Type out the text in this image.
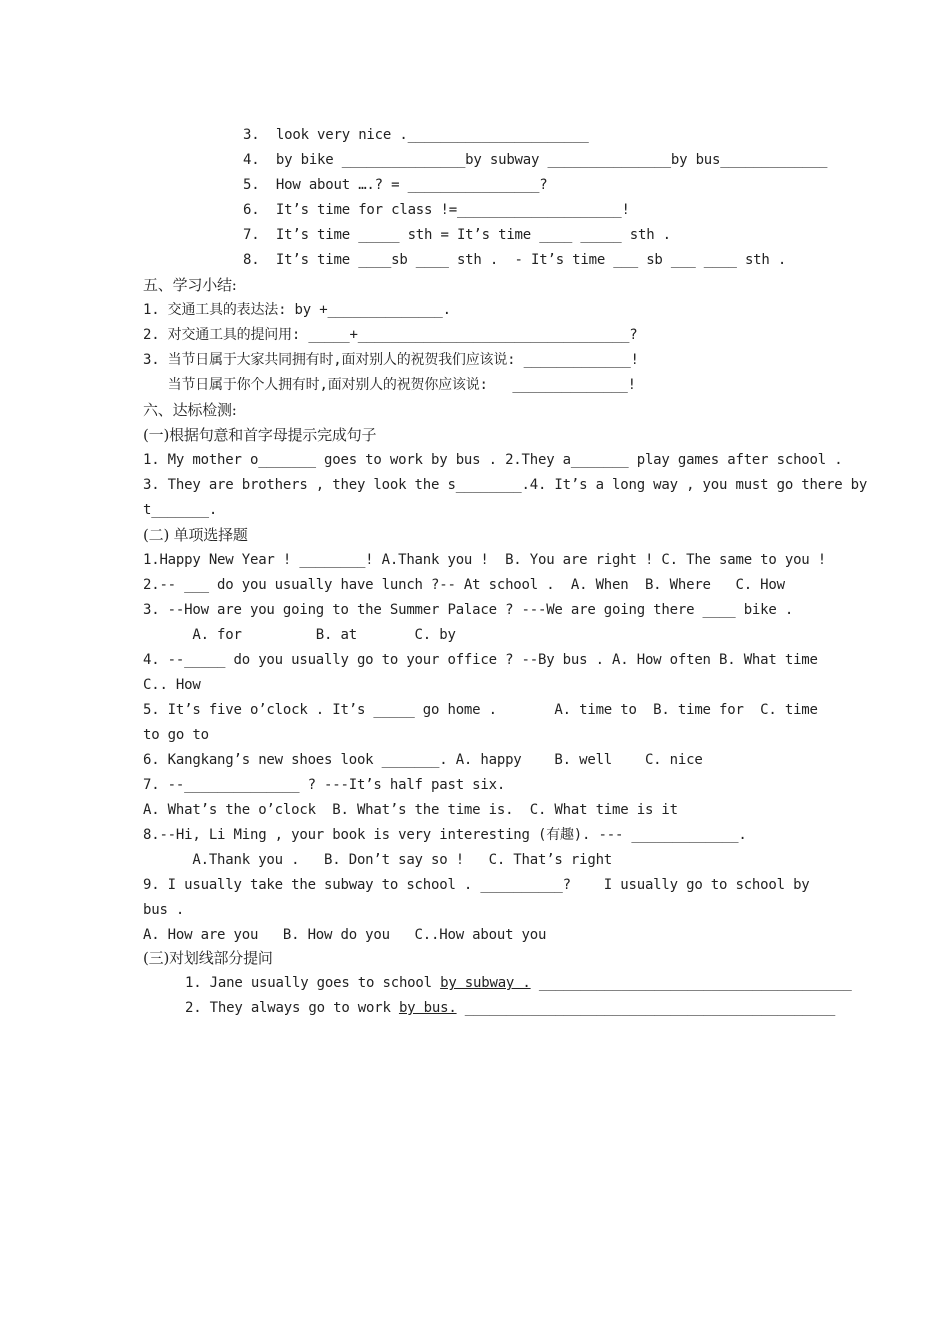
3.  look very nice .______________________
4.  by bike _______________by subway _______________by bus_____________
5.  How about ….? = ________________?
6.  It’s time for class !=____________________!
7.  It’s time _____ sth = It’s time ____ _____ sth .
8.  It’s time ____sb ____ sth .  - It’s time ___ sb ___ ____ sth .
五、学习小结:
1. 交通工具的表达法: by +______________.
2. 对交通工具的提问用: _____+_________________________________?
3. 当节日属于大家共同拥有时,面对别人的祝贺我们应该说: _____________!
当节日属于你个人拥有时,面对别人的祝贺你应该说:   ______________!
六、达标检测:
(一)根据句意和首字母提示完成句子
1. My mother o_______ goes to work by bus . 2.They a_______ play games after school .
3. They are brothers , they look the s________.4. It’s a long way , you must go there by
t_______.
(二) 单项选择题
1.Happy New Year ! ________! A.Thank you !  B. You are right ! C. The same to you !
2.-- ___ do you usually have lunch ?-- At school .  A. When  B. Where   C. How
3. --How are you going to the Summer Palace ? ---We are going there ____ bike .
A. for         B. at       C. by
4. --_____ do you usually go to your office ? --By bus . A. How often B. What time
C.. How
5. It’s five o’clock . It’s _____ go home .       A. time to  B. time for  C. time
to go to
6. Kangkang’s new shoes look _______. A. happy    B. well    C. nice
7. --______________ ? ---It’s half past six.
A. What’s the o’clock  B. What’s the time is.  C. What time is it
8.--Hi, Li Ming , your book is very interesting (有趣). --- _____________.
A.Thank you .   B. Don’t say so !   C. That’s right
9. I usually take the subway to school . __________?    I usually go to school by
bus .
A. How are you   B. How do you   C..How about you
(三)对划线部分提问
1. Jane usually goes to school by subway . ______________________________________
2. They always go to work by bus. _____________________________________________
